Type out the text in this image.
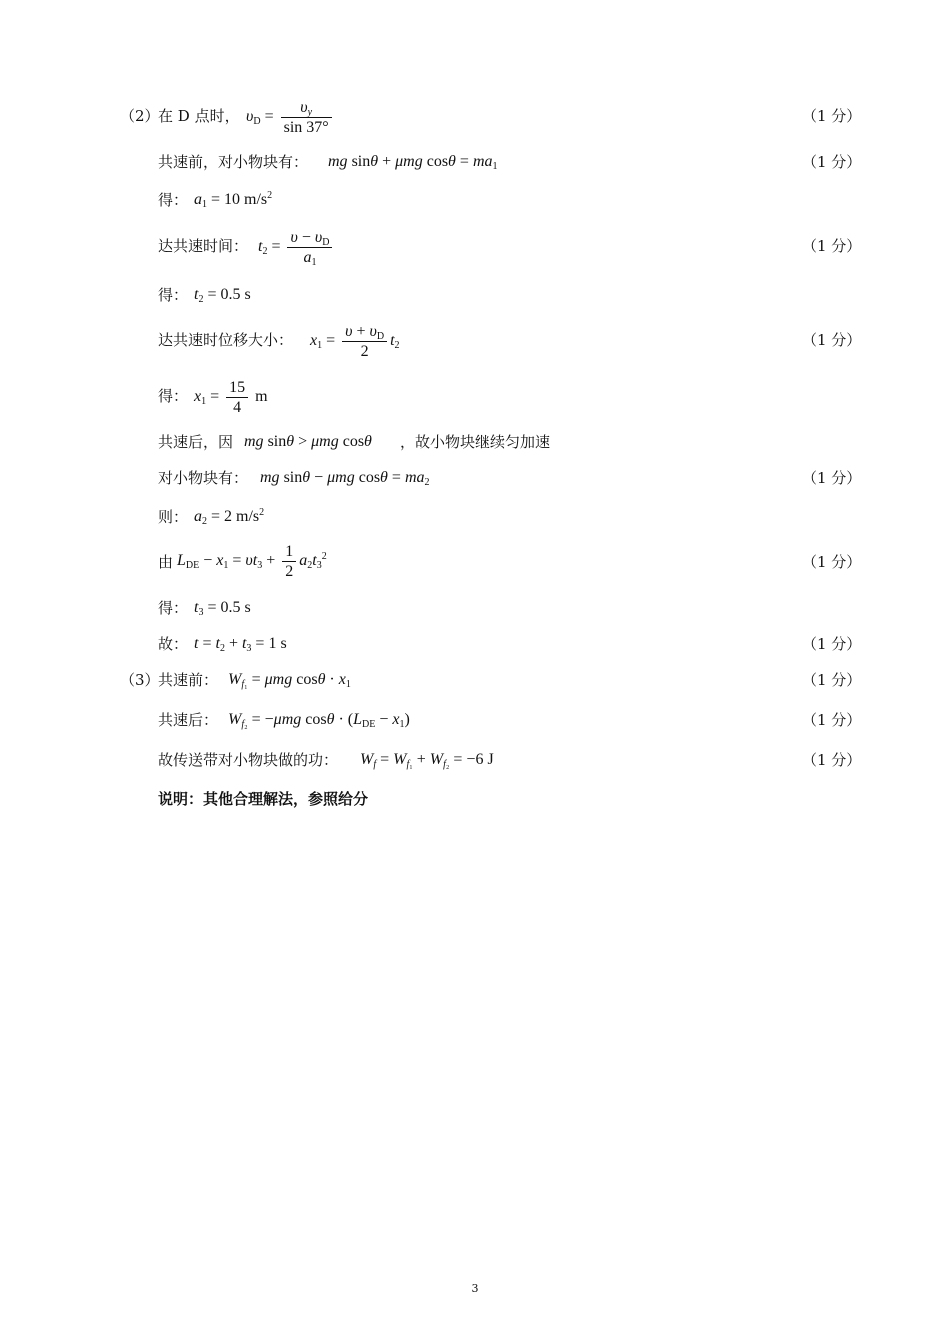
（2）
在 D 点时， $\upsilon_D = \frac{\upsilon_y}{\sin 37^\circ}$	（1 分）
共速前，对小物块有： mg sinθ + μmg $\cos\theta = ma_1$	（1 分）
得： $a_1 = 10$ $m/s^2$
达共速时间： $t_2 = \frac{\upsilon - \upsilon_D}{a_1}$	（1 分）
得： $t_2 = 0.5$ s
达共速时位移大小： $x_1 = \frac{\upsilon + \upsilon_D}{2} t_2$	（1 分）
得： $x_1 = \frac{15}{4}$ m
共速后，因 mg sinθ > μmg cosθ ，故小物块继续匀加速
对小物块有： mg sinθ − μmg $\cos\theta = ma_2$	（1 分）
则： $a_2 = 2$ $m/s^2$
由 $L_{DE} - x_1 = \upsilon t_3 + \frac{1}{2} a_2t_3^2$	（1 分）
得： $t_3 = 0.5$ s
故： $t = t_2 + t_3 = 1$ s	（1 分）
（3）
共速前： $W_{f_1} = \mu mg$ $\cos\theta \cdot x_1$	（1 分）
共速后： $W_{f_2} = -\mu mg$ $\cos\theta \cdot (L_{DE} - x_1)$	（1 分）
故传送带对小物块做的功： $W_f = W_{f_1} + W_{f_2} = -6$ J	（1 分）
说明：其他合理解法，参照给分
3
